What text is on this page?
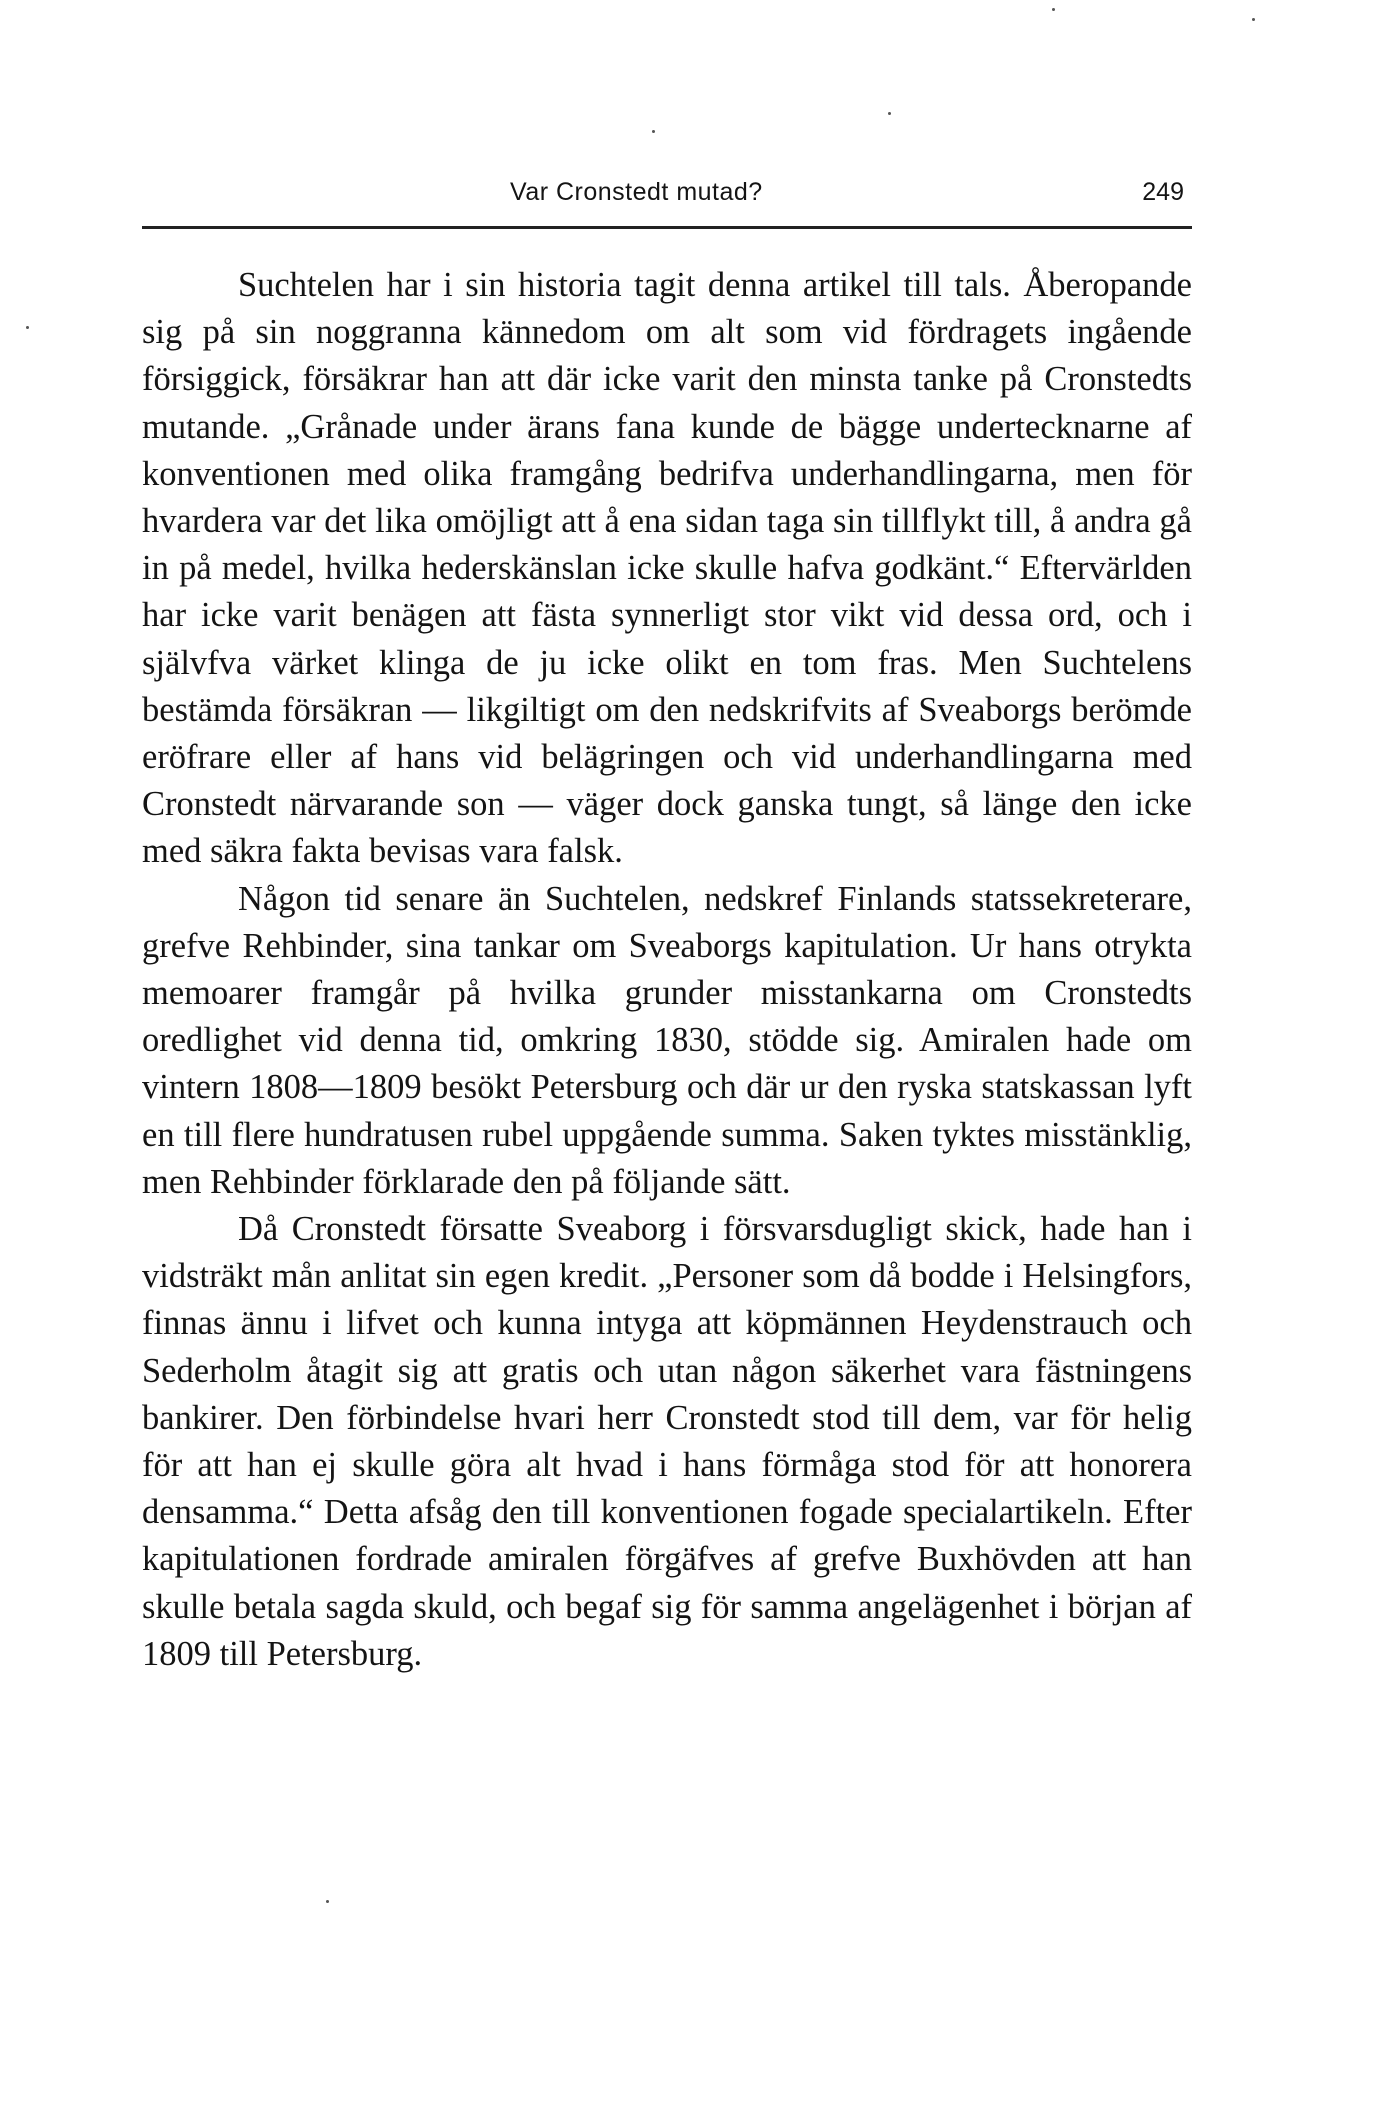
Var Cronstedt mutad?	249

Suchtelen har i sin historia tagit denna artikel till tals. Åberopande sig på sin noggranna kännedom om alt som vid fördragets ingående försiggick, försäkrar han att där icke varit den minsta tanke på Cronstedts mutande. „Grånade under ärans fana kunde de bägge undertecknarne af konventionen med olika framgång bedrifva underhandlingarna, men för hvardera var det lika omöjligt att å ena sidan taga sin tillflykt till, å andra gå in på medel, hvilka hederskänslan icke skulle hafva godkänt.“ Eftervärlden har icke varit benägen att fästa synnerligt stor vikt vid dessa ord, och i självfva värket klinga de ju icke olikt en tom fras. Men Suchtelens bestämda försäkran — likgiltigt om den nedskrifvits af Sveaborgs berömde eröfrare eller af hans vid belägringen och vid underhandlingarna med Cronstedt närvarande son — väger dock ganska tungt, så länge den icke med säkra fakta bevisas vara falsk.

Någon tid senare än Suchtelen, nedskref Finlands statssekreterare, grefve Rehbinder, sina tankar om Sveaborgs kapitulation. Ur hans otrykta memoarer framgår på hvilka grunder misstankarna om Cronstedts oredlighet vid denna tid, omkring 1830, stödde sig. Amiralen hade om vintern 1808—1809 besökt Petersburg och där ur den ryska statskassan lyft en till flere hundratusen rubel uppgående summa. Saken tyktes misstänklig, men Rehbinder förklarade den på följande sätt.

Då Cronstedt försatte Sveaborg i försvarsdugligt skick, hade han i vidsträkt mån anlitat sin egen kredit. „Personer som då bodde i Helsingfors, finnas ännu i lifvet och kunna intyga att köpmännen Heydenstrauch och Sederholm åtagit sig att gratis och utan någon säkerhet vara fästningens bankirer. Den förbindelse hvari herr Cronstedt stod till dem, var för helig för att han ej skulle göra alt hvad i hans förmåga stod för att honorera densamma.“ Detta afsåg den till konventionen fogade specialartikeln. Efter kapitulationen fordrade amiralen förgäfves af grefve Buxhövden att han skulle betala sagda skuld, och begaf sig för samma angelägenhet i början af 1809 till Petersburg.
